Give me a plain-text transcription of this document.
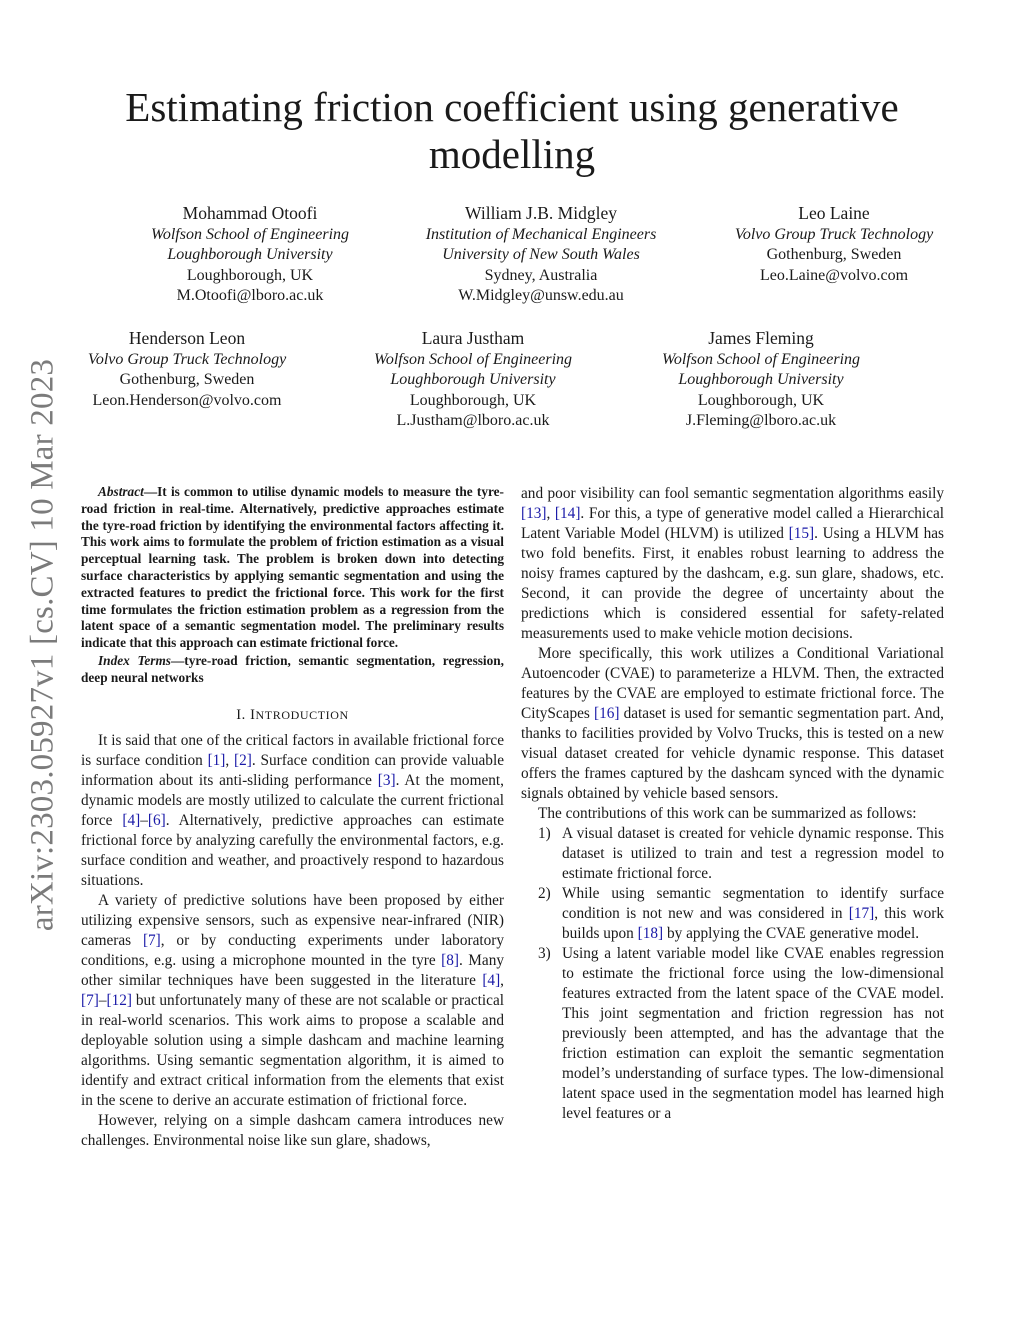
arXiv:2303.05927v1 [cs.CV] 10 Mar 2023
Estimating friction coefficient using generative modelling
Mohammad Otoofi
Wolfson School of Engineering
Loughborough University
Loughborough, UK
M.Otoofi@lboro.ac.uk
William J.B. Midgley
Institution of Mechanical Engineers
University of New South Wales
Sydney, Australia
W.Midgley@unsw.edu.au
Leo Laine
Volvo Group Truck Technology
Gothenburg, Sweden
Leo.Laine@volvo.com
Henderson Leon
Volvo Group Truck Technology
Gothenburg, Sweden
Leon.Henderson@volvo.com
Laura Justham
Wolfson School of Engineering
Loughborough University
Loughborough, UK
L.Justham@lboro.ac.uk
James Fleming
Wolfson School of Engineering
Loughborough University
Loughborough, UK
J.Fleming@lboro.ac.uk

Abstract—It is common to utilise dynamic models to measure the tyre-road friction in real-time. Alternatively, predictive approaches estimate the tyre-road friction by identifying the environmental factors affecting it. This work aims to formulate the problem of friction estimation as a visual perceptual learning task. The problem is broken down into detecting surface characteristics by applying semantic segmentation and using the extracted features to predict the frictional force. This work for the first time formulates the friction estimation problem as a regression from the latent space of a semantic segmentation model. The preliminary results indicate that this approach can estimate frictional force.

Index Terms—tyre-road friction, semantic segmentation, regression, deep neural networks

I. INTRODUCTION

It is said that one of the critical factors in available frictional force is surface condition [1], [2]. Surface condition can provide valuable information about its anti-sliding performance [3]. At the moment, dynamic models are mostly utilized to calculate the current frictional force [4]–[6]. Alternatively, predictive approaches can estimate frictional force by analyzing carefully the environmental factors, e.g. surface condition and weather, and proactively respond to hazardous situations.

A variety of predictive solutions have been proposed by either utilizing expensive sensors, such as expensive near-infrared (NIR) cameras [7], or by conducting experiments under laboratory conditions, e.g. using a microphone mounted in the tyre [8]. Many other similar techniques have been suggested in the literature [4], [7]–[12] but unfortunately many of these are not scalable or practical in real-world scenarios. This work aims to propose a scalable and deployable solution using a simple dashcam and machine learning algorithms. Using semantic segmentation algorithm, it is aimed to identify and extract critical information from the elements that exist in the scene to derive an accurate estimation of frictional force.

However, relying on a simple dashcam camera introduces new challenges. Environmental noise like sun glare, shadows,

and poor visibility can fool semantic segmentation algorithms easily [13], [14]. For this, a type of generative model called a Hierarchical Latent Variable Model (HLVM) is utilized [15]. Using a HLVM has two fold benefits. First, it enables robust learning to address the noisy frames captured by the dashcam, e.g. sun glare, shadows, etc. Second, it can provide the degree of uncertainty about the predictions which is considered essential for safety-related measurements used to make vehicle motion decisions.

More specifically, this work utilizes a Conditional Variational Autoencoder (CVAE) to parameterize a HLVM. Then, the extracted features by the CVAE are employed to estimate frictional force. The CityScapes [16] dataset is used for semantic segmentation part. And, thanks to facilities provided by Volvo Trucks, this is tested on a new visual dataset created for vehicle dynamic response. This dataset offers the frames captured by the dashcam synced with the dynamic signals obtained by vehicle based sensors.

The contributions of this work can be summarized as follows:

1) A visual dataset is created for vehicle dynamic response. This dataset is utilized to train and test a regression model to estimate frictional force.
2) While using semantic segmentation to identify surface condition is not new and was considered in [17], this work builds upon [18] by applying the CVAE generative model.
3) Using a latent variable model like CVAE enables regression to estimate the frictional force using the low-dimensional features extracted from the latent space of the CVAE model. This joint segmentation and friction regression has not previously been attempted, and has the advantage that the friction estimation can exploit the semantic segmentation model’s understanding of surface types. The low-dimensional latent space used in the segmentation model has learned high level features or a
